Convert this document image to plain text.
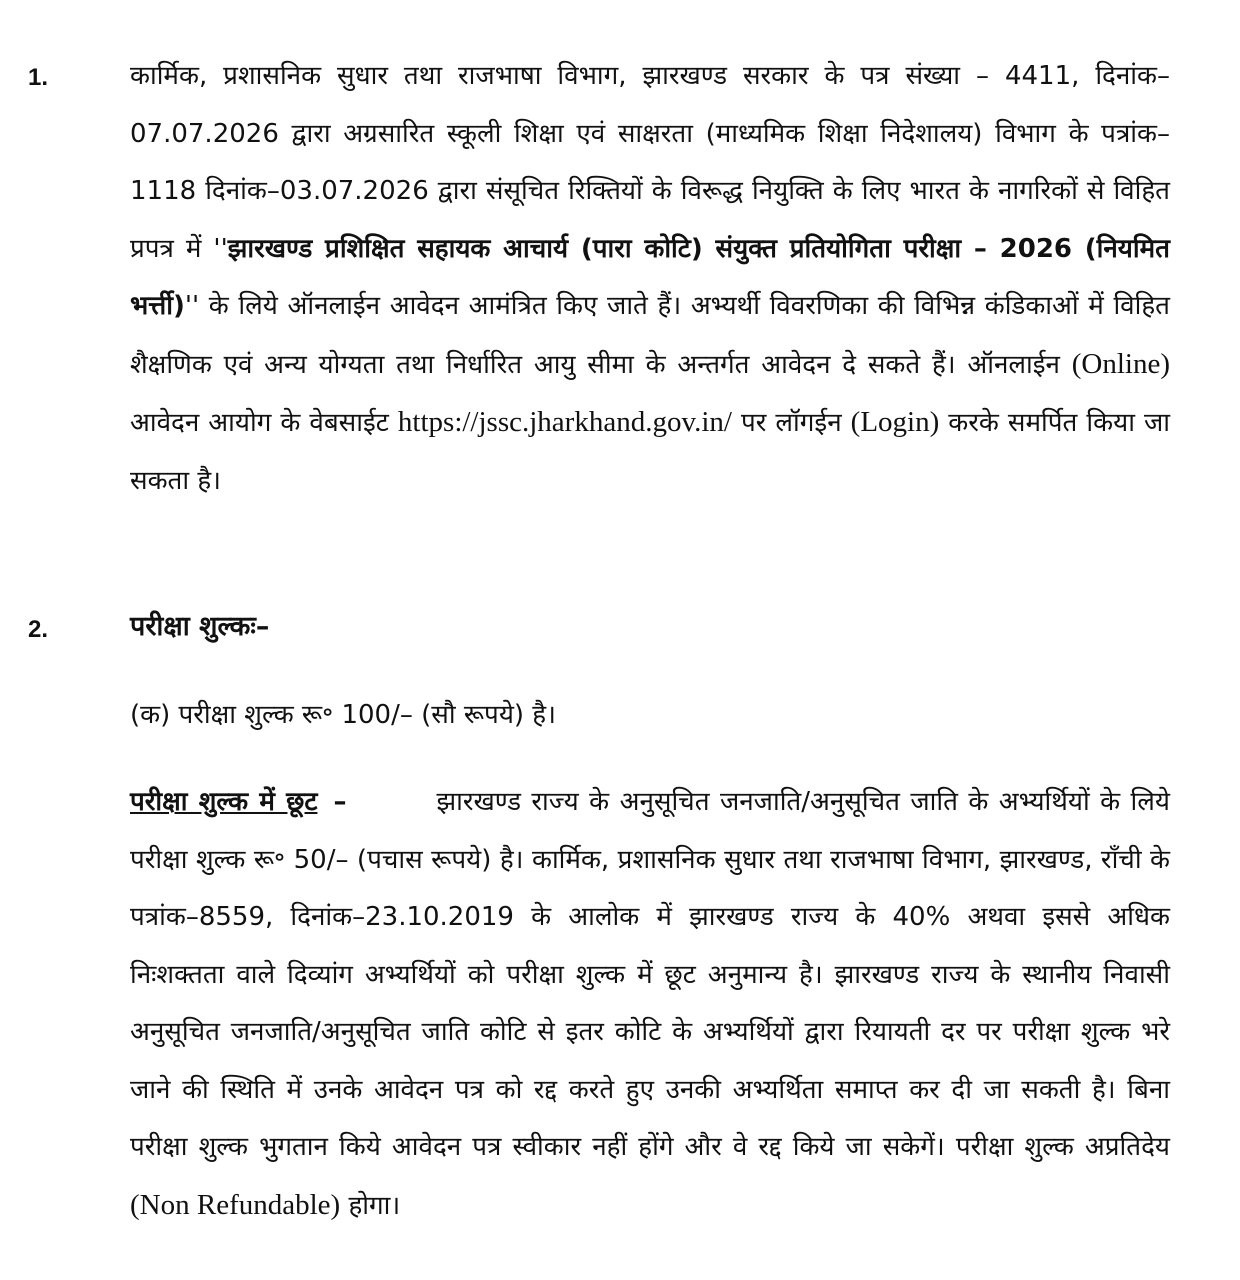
1.	कार्मिक, प्रशासनिक सुधार तथा राजभाषा विभाग, झारखण्ड सरकार के पत्र संख्या – 4411, दिनांक–07.07.2026 द्वारा अग्रसारित स्कूली शिक्षा एवं साक्षरता (माध्यमिक शिक्षा निदेशालय) विभाग के पत्रांक–1118 दिनांक–03.07.2026 द्वारा संसूचित रिक्तियों के विरूद्ध नियुक्ति के लिए भारत के नागरिकों से विहित प्रपत्र में ''झारखण्ड प्रशिक्षित सहायक आचार्य (पारा कोटि) संयुक्त प्रतियोगिता परीक्षा – 2026 (नियमित भर्त्ती)'' के लिये ऑनलाईन आवेदन आमंत्रित किए जाते हैं। अभ्यर्थी विवरणिका की विभिन्न कंडिकाओं में विहित शैक्षणिक एवं अन्य योग्यता तथा निर्धारित आयु सीमा के अन्तर्गत आवेदन दे सकते हैं। ऑनलाईन (Online) आवेदन आयोग के वेबसाईट https://jssc.jharkhand.gov.in/ पर लॉगईन (Login) करके समर्पित किया जा सकता है।
2.	परीक्षा शुल्कः–
(क) परीक्षा शुल्क रू॰ 100/– (सौ रूपये) है।
परीक्षा शुल्क में छूट –	झारखण्ड राज्य के अनुसूचित जनजाति/अनुसूचित जाति के अभ्यर्थियों के लिये परीक्षा शुल्क रू॰ 50/– (पचास रूपये) है। कार्मिक, प्रशासनिक सुधार तथा राजभाषा विभाग, झारखण्ड, राँची के पत्रांक–8559, दिनांक–23.10.2019 के आलोक में झारखण्ड राज्य के 40% अथवा इससे अधिक निःशक्तता वाले दिव्यांग अभ्यर्थियों को परीक्षा शुल्क में छूट अनुमान्य है। झारखण्ड राज्य के स्थानीय निवासी अनुसूचित जनजाति/अनुसूचित जाति कोटि से इतर कोटि के अभ्यर्थियों द्वारा रियायती दर पर परीक्षा शुल्क भरे जाने की स्थिति में उनके आवेदन पत्र को रद्द करते हुए उनकी अभ्यर्थिता समाप्त कर दी जा सकती है। बिना परीक्षा शुल्क भुगतान किये आवेदन पत्र स्वीकार नहीं होंगे और वे रद्द किये जा सकेगें। परीक्षा शुल्क अप्रतिदेय (Non Refundable) होगा।
